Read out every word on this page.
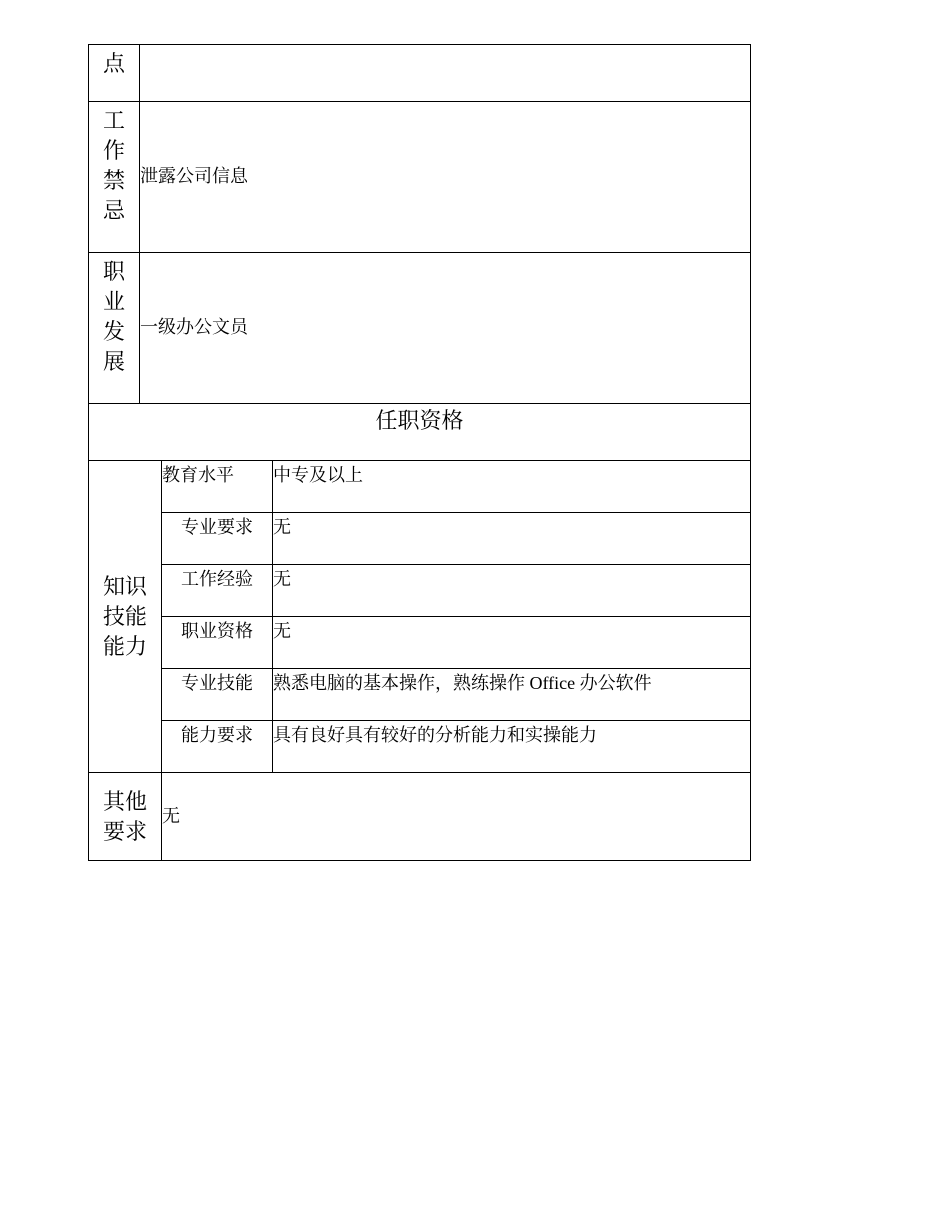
点			

工
作
禁
忌	泄露公司信息		

职
业
发
展	一级办公文员		
任职资格			

知识
技能
能力		教育水平	中专及以上
		专业要求	无
		工作经验	无
		职业资格	无
		专业技能	熟悉电脑的基本操作，熟练操作 Office 办公软件
		能力要求	具有良好具有较好的分析能力和实操能力

其他
要求		无	
